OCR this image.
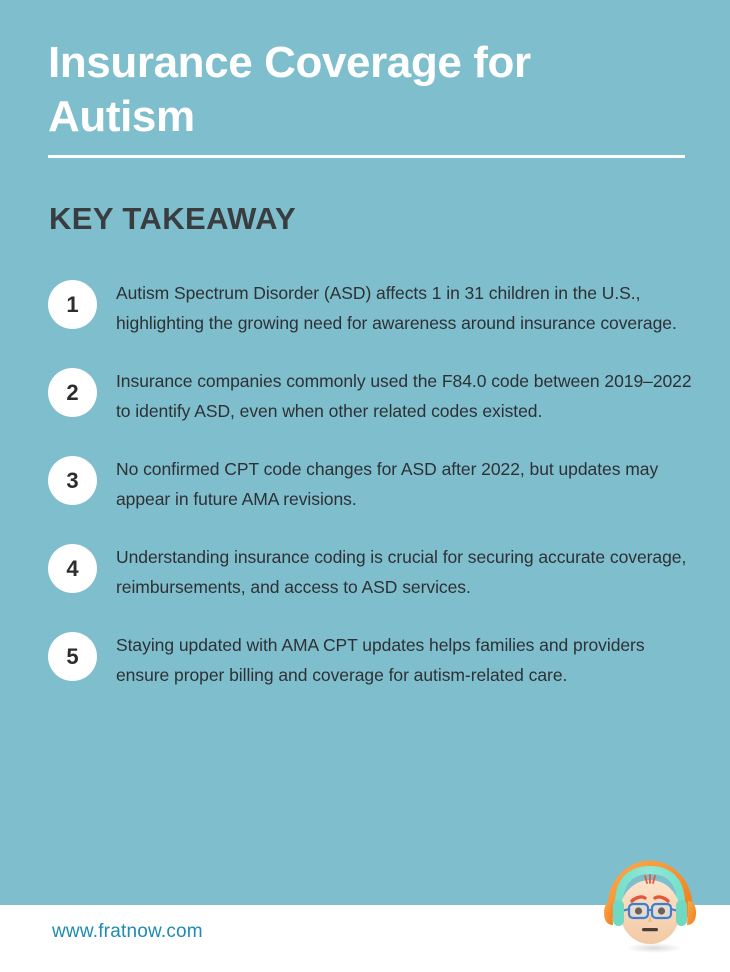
Insurance Coverage for Autism
KEY TAKEAWAY
1	Autism Spectrum Disorder (ASD) affects 1 in 31 children in the U.S., highlighting the growing need for awareness around insurance coverage.
2	Insurance companies commonly used the F84.0 code between 2019–2022 to identify ASD, even when other related codes existed.
3	No confirmed CPT code changes for ASD after 2022, but updates may appear in future AMA revisions.
4	Understanding insurance coding is crucial for securing accurate coverage, reimbursements, and access to ASD services.
5	Staying updated with AMA CPT updates helps families and providers ensure proper billing and coverage for autism-related care.
www.fratnow.com
